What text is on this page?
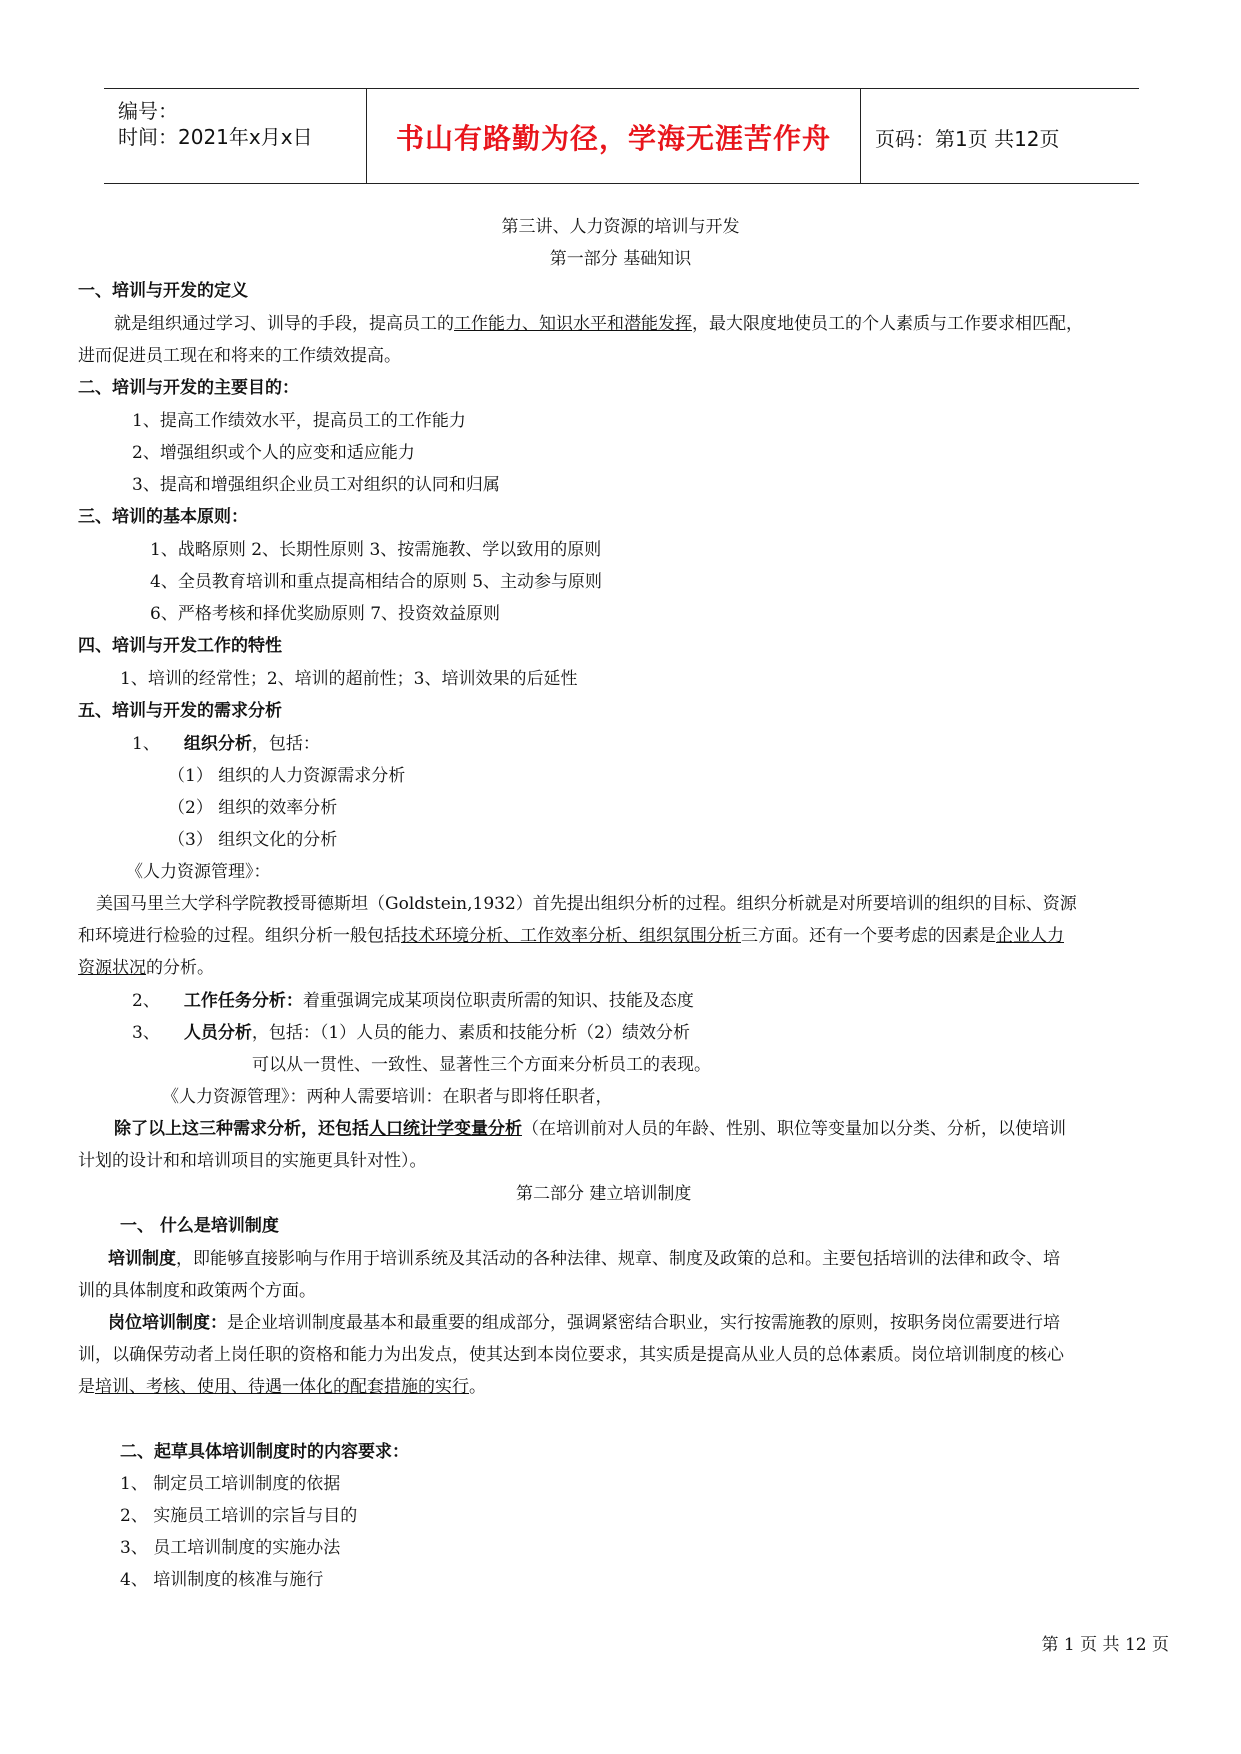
编号：
时间：2021年x月x日	书山有路勤为径，学海无涯苦作舟	页码：第1页 共12页
第三讲、人力资源的培训与开发
第一部分 基础知识
一、培训与开发的定义
就是组织通过学习、训导的手段，提高员工的工作能力、知识水平和潜能发挥，最大限度地使员工的个人素质与工作要求相匹配，
进而促进员工现在和将来的工作绩效提高。
二、培训与开发的主要目的：
1、提高工作绩效水平，提高员工的工作能力
2、增强组织或个人的应变和适应能力
3、提高和增强组织企业员工对组织的认同和归属
三、培训的基本原则：
1、战略原则 2、长期性原则 3、按需施教、学以致用的原则
4、全员教育培训和重点提高相结合的原则 5、主动参与原则
6、严格考核和择优奖励原则 7、投资效益原则
四、培训与开发工作的特性
1、培训的经常性；2、培训的超前性；3、培训效果的后延性
五、培训与开发的需求分析
1、 组织分析，包括：
（1） 组织的人力资源需求分析
（2） 组织的效率分析
（3） 组织文化的分析
《人力资源管理》：
美国马里兰大学科学院教授哥德斯坦（Goldstein,1932）首先提出组织分析的过程。组织分析就是对所要培训的组织的目标、资源
和环境进行检验的过程。组织分析一般包括技术环境分析、工作效率分析、组织氛围分析三方面。还有一个要考虑的因素是企业人力
资源状况的分析。
2、 工作任务分析：着重强调完成某项岗位职责所需的知识、技能及态度
3、 人员分析，包括：（1）人员的能力、素质和技能分析（2）绩效分析
可以从一贯性、一致性、显著性三个方面来分析员工的表现。
《人力资源管理》：两种人需要培训：在职者与即将任职者，
除了以上这三种需求分析，还包括人口统计学变量分析（在培训前对人员的年龄、性别、职位等变量加以分类、分析，以使培训
计划的设计和和培训项目的实施更具针对性）。
第二部分 建立培训制度
一、 什么是培训制度
培训制度，即能够直接影响与作用于培训系统及其活动的各种法律、规章、制度及政策的总和。主要包括培训的法律和政令、培
训的具体制度和政策两个方面。
岗位培训制度：是企业培训制度最基本和最重要的组成部分，强调紧密结合职业，实行按需施教的原则，按职务岗位需要进行培
训，以确保劳动者上岗任职的资格和能力为出发点，使其达到本岗位要求，其实质是提高从业人员的总体素质。岗位培训制度的核心
是培训、考核、使用、待遇一体化的配套措施的实行。
二、起草具体培训制度时的内容要求：
1、 制定员工培训制度的依据
2、 实施员工培训的宗旨与目的
3、 员工培训制度的实施办法
4、 培训制度的核准与施行
第 1 页 共 12 页
